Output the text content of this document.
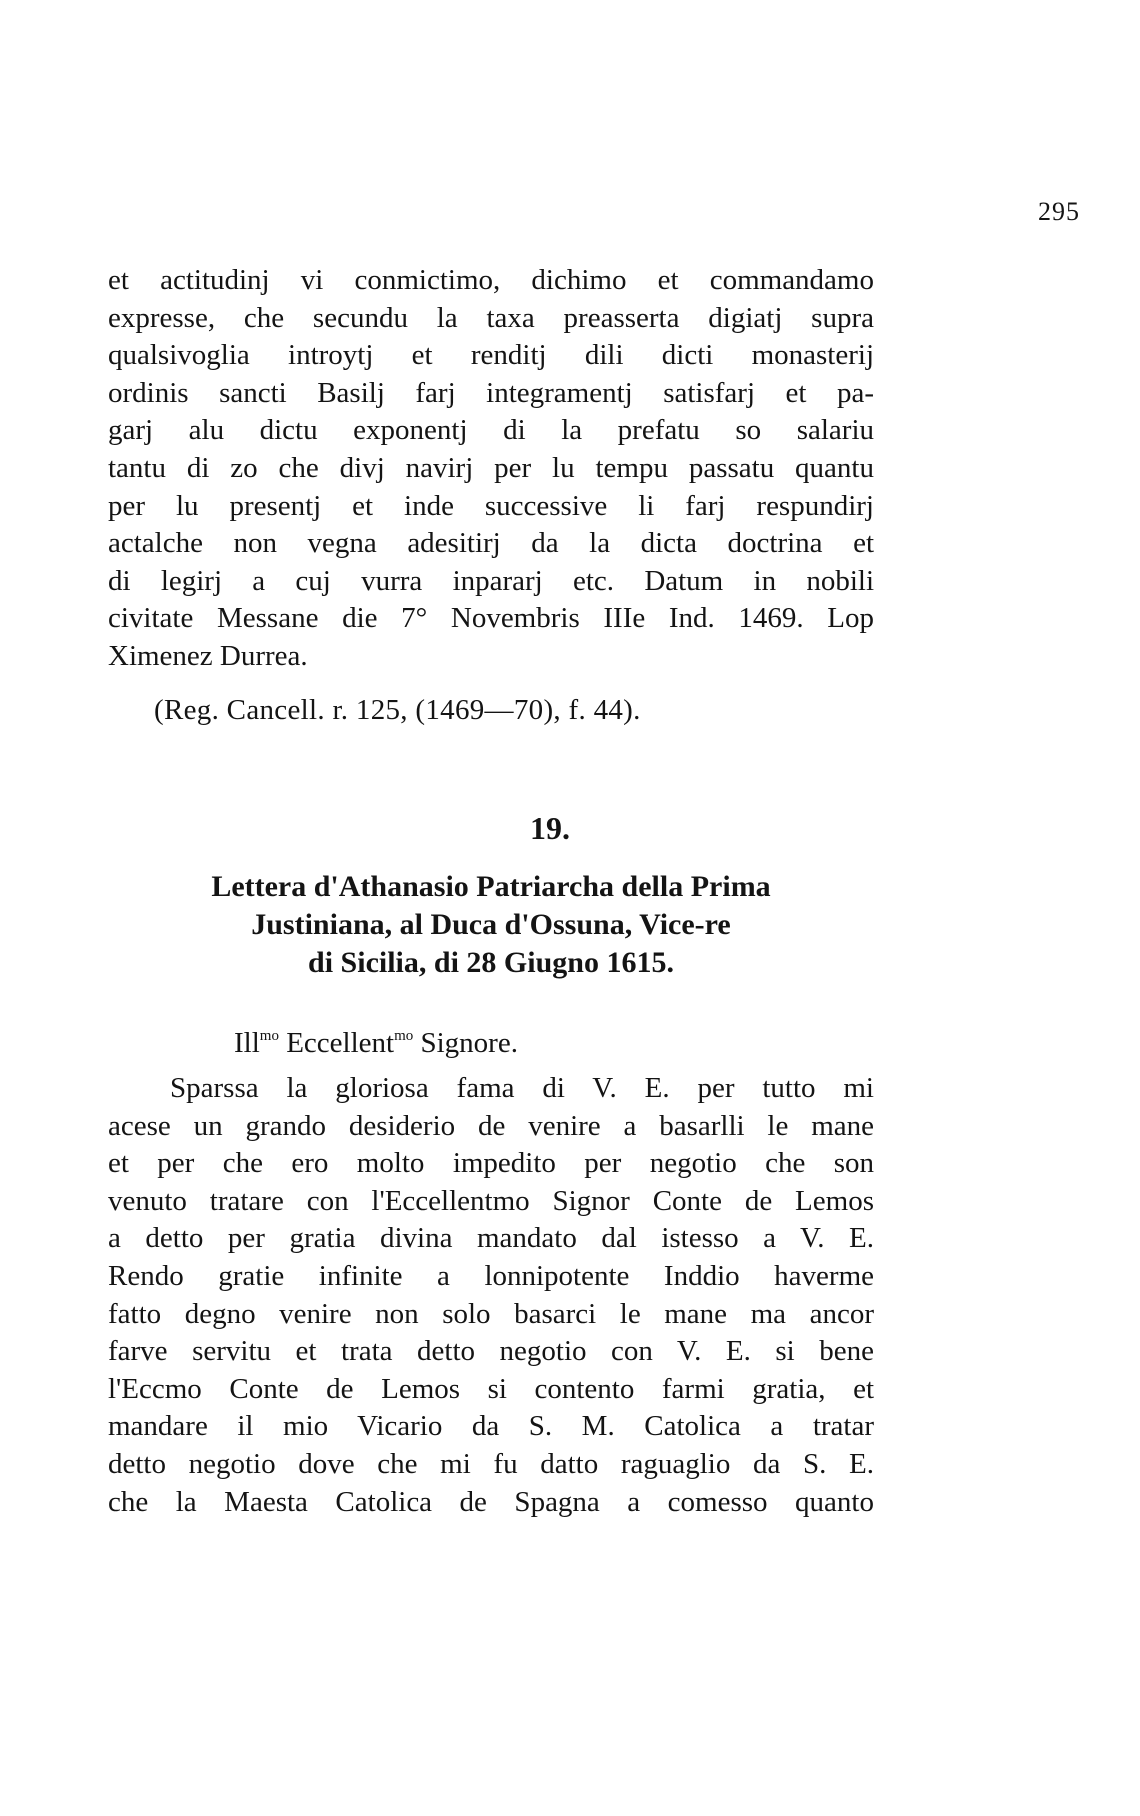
295
et actitudinj vi conmictimo, dichimo et commandamo
expresse, che secundu la taxa preasserta digiatj supra
qualsivoglia introytj et renditj dili dicti monasterij
ordinis sancti Basilj farj integramentj satisfarj et pa-
garj alu dictu exponentj di la prefatu so salariu
tantu di zo che divj navirj per lu tempu passatu quantu
per lu presentj et inde successive li farj respundirj
actalche non vegna adesitirj da la dicta doctrina et
di legirj a cuj vurra inpararj etc. Datum in nobili
civitate Messane die 7° Novembris IIIe Ind. 1469. Lop
Ximenez Durrea.
(Reg. Cancell. r. 125, (1469—70), f. 44).
19.
Lettera d'Athanasio Patriarcha della Prima
Justiniana, al Duca d'Ossuna, Vice-re
di Sicilia, di 28 Giugno 1615.
Ill$^{mo}$ Eccellent$^{mo}$ Signore.
Sparssa la gloriosa fama di V. E. per tutto mi
acese un grando desiderio de venire a basarlli le mane
et per che ero molto impedito per negotio che son
venuto tratare con l'Eccellentmo Signor Conte de Lemos
a detto per gratia divina mandato dal istesso a V. E.
Rendo gratie infinite a lonnipotente Inddio haverme
fatto degno venire non solo basarci le mane ma ancor
farve servitu et trata detto negotio con V. E. si bene
l'Eccmo Conte de Lemos si contento farmi gratia, et
mandare il mio Vicario da S. M. Catolica a tratar
detto negotio dove che mi fu datto raguaglio da S. E.
che la Maesta Catolica de Spagna a comesso quanto
